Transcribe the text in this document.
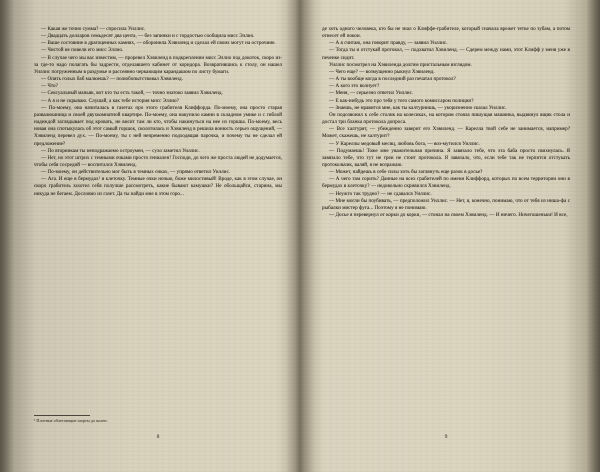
— Какая же точно сумма? — спросила Уиллис.

— Двадцать долларов семьдесят два цента, — без запинки и с гордостью сообщила мисс Эллио.

— Ваше состояние в драгоценных камнях, — оборонила Хэвиленд и сделал ей своих могут на острочине.

— Чистой не повели его мисс Эллио.

— В случае чего мы вас известим, — проревел Хэвиленд в подкреплении мисс Эллио под докоток, скоро из-за где-то надо полагать бы задрести, отделавшего кабинет от коридора. Возвратившись к столу, он нашел Уиллис погруженным в раздумье и рассеянно черкающим карандашом по листу бумаги.

— Опять голых баб малюешь? — полюбопытствовал Хэвиленд.

— Что?

— Сексуальный маньяк, вот кто ты есть такой, — точно знатоко заявил Хэвиленд.

— А я и не скрываю. Слушай, а как тебе история мисс Эллио?

— По-моему, она начиталась в газетах про этого грабителя Клиффорда. По-моему, она просто старая развалюшница и своей двухкомнатной квартире. По-моему, она накупило камни в складном умике и с гиблой надеждой заглядывает под кровать, не висит там ли кто, чтобы накинуться на нее из горшка. По-моему, весь новая она спотыкулась об этот самый горшок, сколотилась и Хэвиленд в решила вонюсть серьез ощущений, — Хэвиленд перевел дух. — По-моему, ты с ней непременно подходящая парочка, и почему ты не сделал ей предложение?

— По вторникам ты неподражаемо остроумен, — сухо заметил Уиллис.

— Нет, но этот штрих с темными очками просто гениален! Господи, до чего же проста людей не додумается, чтобы себя сосредий — воспитался Хэвиленд.

— По-моему, он действительно мог быть в темных очках, — упрямо ответил Уиллис.

— Ага. И еще в бермудах¹ в клеточку. Темные очки ночью, боже милостивый! Вроде, как в этом случае, он скоро грабитель захотел себя получше рассмотреть, какие бывают камушки? Не обольщайся, старина, мы никуда не бегаем. Дословно из газет. Да ты найди мне в этом горо...

¹ Плотные облегающие шорты до колен.
8

де хоть одного человека, кто бы не знал о Клиффе-грабителе, который сначала врежет тетке по зубам, а потом отнесет ей покои.

— А я считаю, она говорит правду, — заявил Уиллис.

— Тогда ты и отстукай протокол, — подхватил Хэвиленд. — Сдерем между нами, этот Клифф у меня уже в печенке сидит.

Уиллис посмотрел на Хэвиленда долгим пристальным взглядом.

— Чего еще? — возмущенно рыкнул Хэвиленд.

— А ты вообще когда в последний раз печатал протокол?

— А кого это волнует?

— Меня, — серьезно ответил Уиллис.

— Е как-нибудь это про тебя у того самого комиссаром полиции?

— Знаешь, не нравится мне, как ты калтурнишь, — укоризненно сказал Уиллис.

Он подозвонил к себе столик на колесиках, на котором стояла пишущая машинка, выдвинул ящик стола и достал три бланка протокола допроса.

— Все халтурят, — убежденно заверит его Хэвиленд. — Карелла твой себе не занимается, например? Может, скажешь, не халтурит?

— У Кареллы медовый месяц, любовь бога, — воз-мутился Уиллис.

— Подумаешь! Тоже мне уважительная причина. Я завязало тебе, что эта баба просто свихнулась. Я завязало тебе, что тут не греи не стоит протокола. Я завязало, что, если тебе так не терпится отстукать протокольчик, валяй, я не возражаю.

— Может, найдешь в себе силы хоть бы заглянуть еще разок в досье?

— А чего там сорить? Данные на всех грабителей по имени Клиффорд, которых по всем территории они в бермудах в клеточку? — недовольно скривился Хэвиленд.

— Неужто так трудно? — не сдавался Уиллис.

— Мне могли бы поубивать, — предположил Уиллис. — Нет, я, конечно, понимаю, что от тебя из ниша-фа с рыбалки мистер фуга... Поэтому я не понимаю.

— Досье я перевернул от корки до корки, — стонал на своем Хэвиленд. — И ничего. Ничегошеньки! И все,

9
